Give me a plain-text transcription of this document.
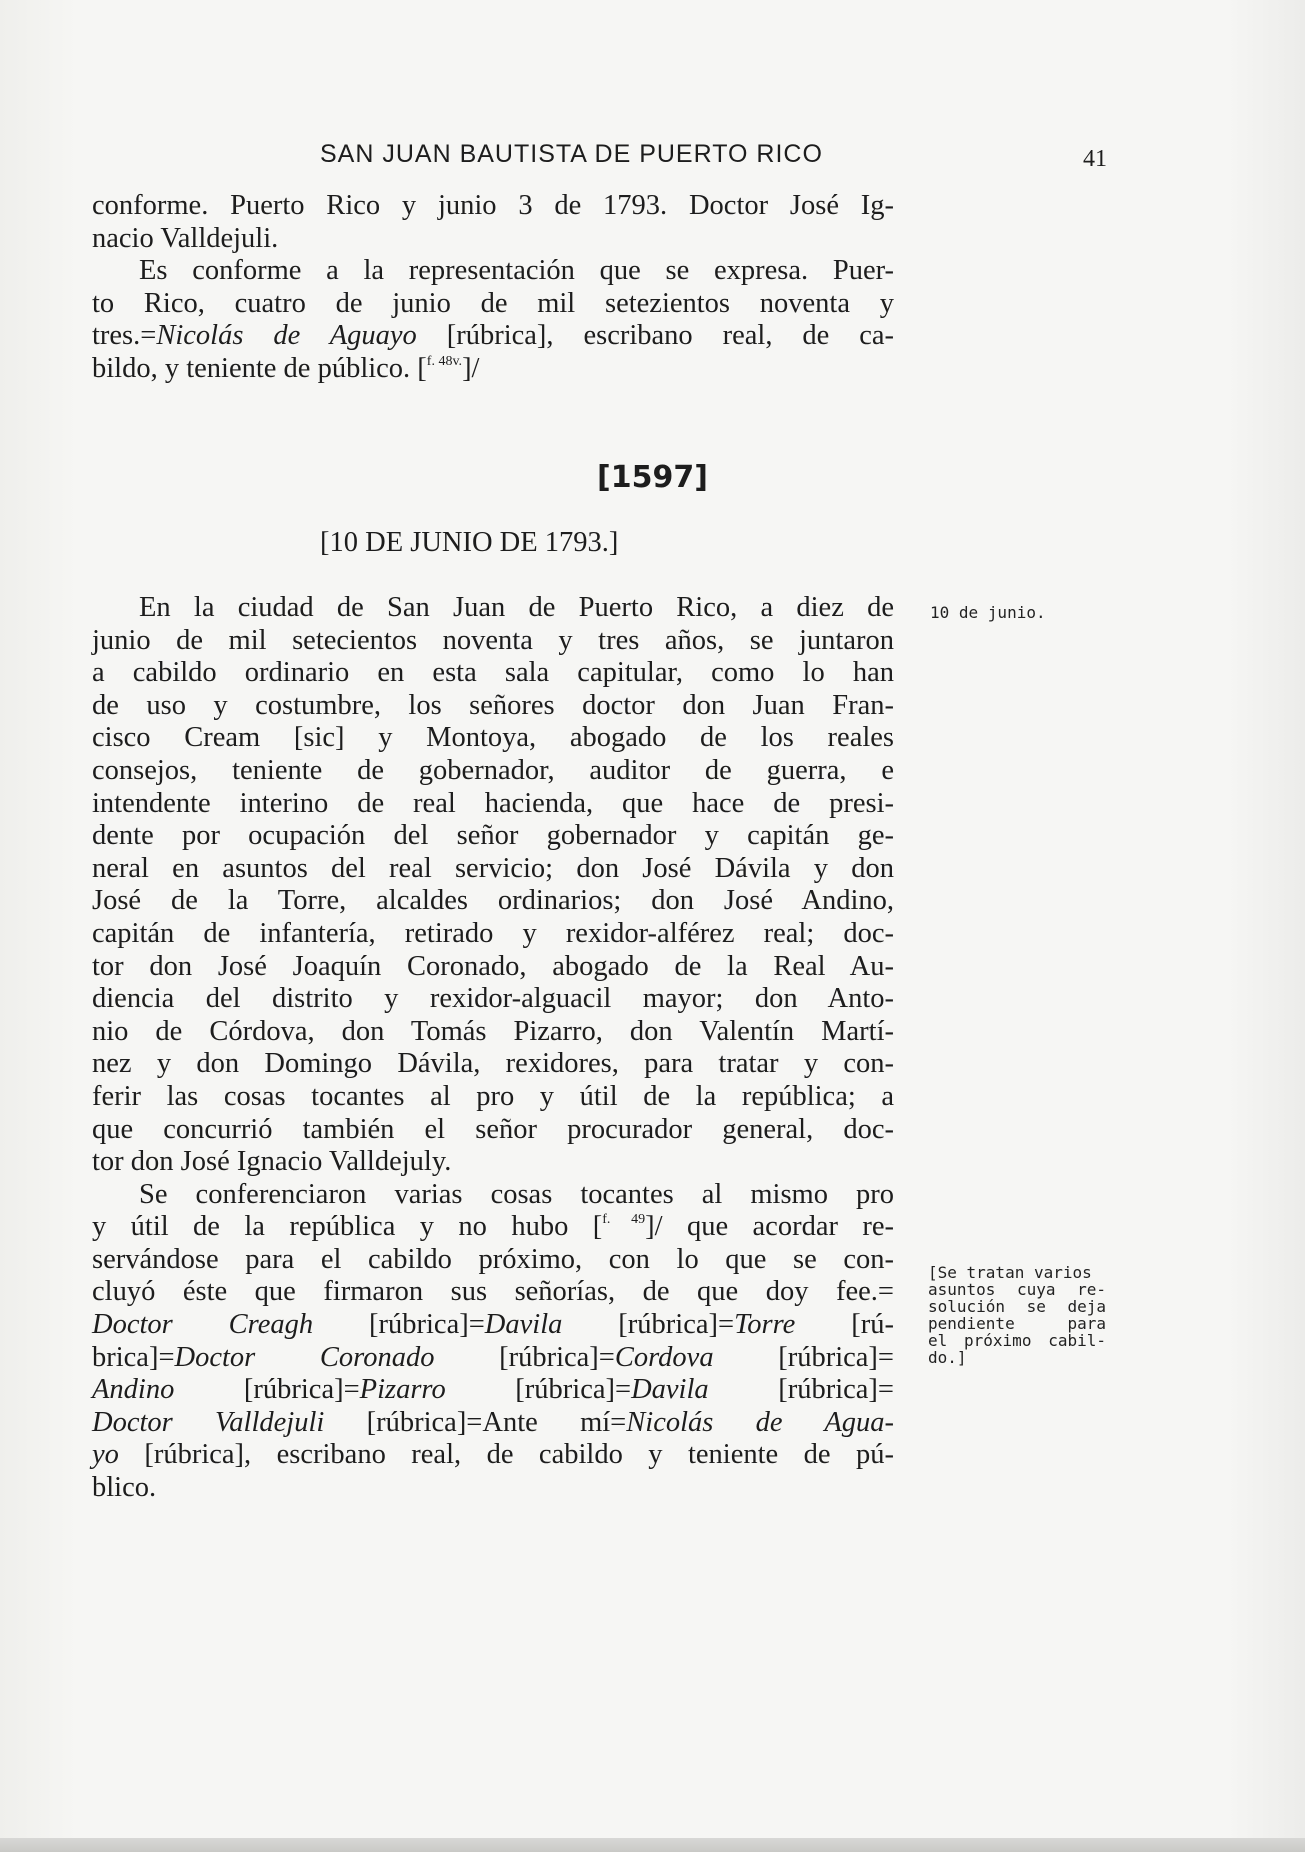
SAN JUAN BAUTISTA DE PUERTO RICO	41
conforme. Puerto Rico y junio 3 de 1793. Doctor José Ig-
nacio Valldejuli.
Es conforme a la representación que se expresa. Puer-
to Rico, cuatro de junio de mil setezientos noventa y
tres.=Nicolás de Aguayo [rúbrica], escribano real, de ca-
bildo, y teniente de público. [$^{f. 48v.}$]/
[1597]
[10 DE JUNIO DE 1793.]
En la ciudad de San Juan de Puerto Rico, a diez de
junio de mil setecientos noventa y tres años, se juntaron
a cabildo ordinario en esta sala capitular, como lo han
de uso y costumbre, los señores doctor don Juan Fran-
cisco Cream [sic] y Montoya, abogado de los reales
consejos, teniente de gobernador, auditor de guerra, e
intendente interino de real hacienda, que hace de presi-
dente por ocupación del señor gobernador y capitán ge-
neral en asuntos del real servicio; don José Dávila y don
José de la Torre, alcaldes ordinarios; don José Andino,
capitán de infantería, retirado y rexidor-alférez real; doc-
tor don José Joaquín Coronado, abogado de la Real Au-
diencia del distrito y rexidor-alguacil mayor; don Anto-
nio de Córdova, don Tomás Pizarro, don Valentín Martí-
nez y don Domingo Dávila, rexidores, para tratar y con-
ferir las cosas tocantes al pro y útil de la república; a
que concurrió también el señor procurador general, doc-
tor don José Ignacio Valldejuly.
Se conferenciaron varias cosas tocantes al mismo pro
y útil de la república y no hubo [$^{f. 49}$]/ que acordar re-
servándose para el cabildo próximo, con lo que se con-
cluyó éste que firmaron sus señorías, de que doy fee.=
Doctor Creagh [rúbrica]=Davila [rúbrica]=Torre [rú-
brica]=Doctor Coronado [rúbrica]=Cordova [rúbrica]=
Andino [rúbrica]=Pizarro [rúbrica]=Davila [rúbrica]=
Doctor Valldejuli [rúbrica]=Ante mí=Nicolás de Agua-
yo [rúbrica], escribano real, de cabildo y teniente de pú-
blico.
10 de junio.
[Se tratan varios
asuntos cuya re-
solución se deja
pendiente para
el próximo cabil-
do.]
